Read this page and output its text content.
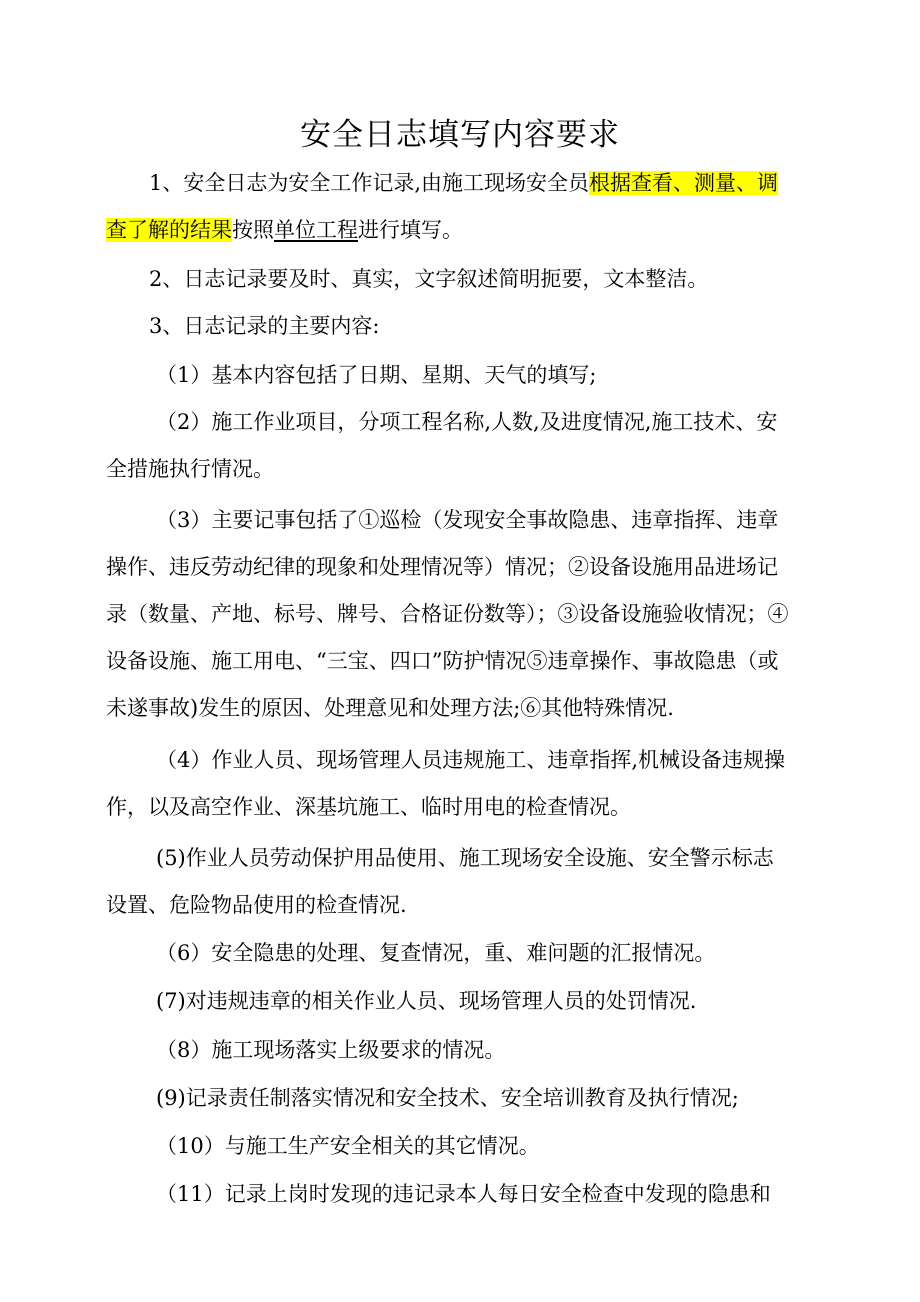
安全日志填写内容要求
1、安全日志为安全工作记录,由施工现场安全员根据查看、测量、调
查了解的结果按照单位工程进行填写。
2、日志记录要及时、真实，文字叙述简明扼要，文本整洁。
3、日志记录的主要内容:
（1）基本内容包括了日期、星期、天气的填写;
（2）施工作业项目，分项工程名称,人数,及进度情况,施工技术、安
全措施执行情况。
（3）主要记事包括了①巡检（发现安全事故隐患、违章指挥、违章
操作、违反劳动纪律的现象和处理情况等）情况；②设备设施用品进场记
录（数量、产地、标号、牌号、合格证份数等）；③设备设施验收情况；④
设备设施、施工用电、“三宝、四口”防护情况⑤违章操作、事故隐患（或
未遂事故)发生的原因、处理意见和处理方法;⑥其他特殊情况.
（4）作业人员、现场管理人员违规施工、违章指挥,机械设备违规操
作，以及高空作业、深基坑施工、临时用电的检查情况。
(5)作业人员劳动保护用品使用、施工现场安全设施、安全警示标志
设置、危险物品使用的检查情况.
（6）安全隐患的处理、复查情况，重、难问题的汇报情况。
(7)对违规违章的相关作业人员、现场管理人员的处罚情况.
（8）施工现场落实上级要求的情况。
(9)记录责任制落实情况和安全技术、安全培训教育及执行情况;
（10）与施工生产安全相关的其它情况。
（11）记录上岗时发现的违记录本人每日安全检查中发现的隐患和
